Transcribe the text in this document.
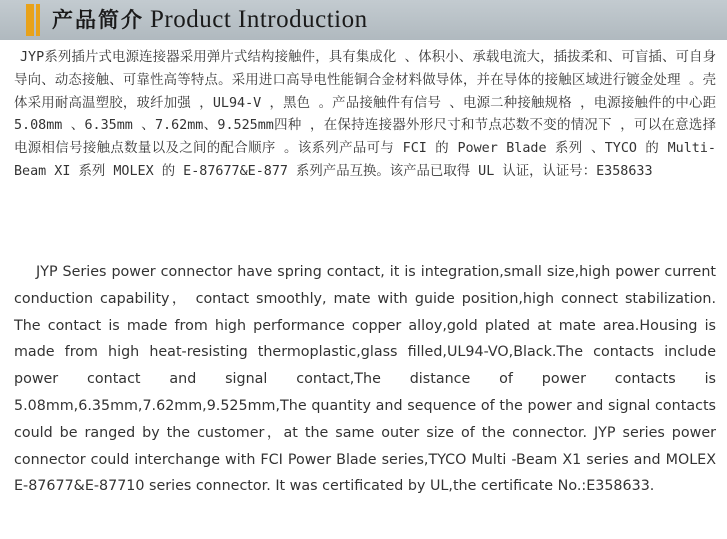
产品简介 Product Introduction

JYP系列插片式电源连接器采用弹片式结构接触件，具有集成化 、体积小、承载电流大，插拔柔和、可盲插、可自身导向、动态接触、可靠性高等特点。采用进口高导电性能铜合金材料做导体，并在导体的接触区域进行镀金处理 。壳体采用耐高温塑胶，玻纤加强 ，UL94-V ，黑色 。产品接触件有信号 、电源二种接触规格 ，电源接触件的中心距 5.08mm 、6.35mm 、7.62mm、9.525mm四种 ，在保持连接器外形尺寸和节点芯数不变的情况下 ，可以在意选择电源相信号接触点数量以及之间的配合顺序 。该系列产品可与 FCI 的 Power Blade 系列 、TYCO 的 Multi-Beam XI 系列 MOLEX 的 E-87677&E-877 系列产品互换。该产品已取得 UL 认证，认证号：E358633

JYP Series power connector have spring contact, it is integration,small size,high power current conduction capability， contact smoothly, mate with guide position,high connect stabilization. The contact is made from high performance copper alloy,gold plated at mate area.Housing is made from high heat-resisting thermoplastic,glass filled,UL94-VO,Black.The contacts include power contact and signal contact,The distance of power contacts is 5.08mm,6.35mm,7.62mm,9.525mm,The quantity and sequence of the power and signal contacts could be ranged by the customer，at the same outer size of the connector. JYP series power connector could interchange with FCI Power Blade series,TYCO Multi -Beam X1 series and MOLEX E-87677&E-87710 series connector. It was certificated by UL,the certificate No.:E358633.
